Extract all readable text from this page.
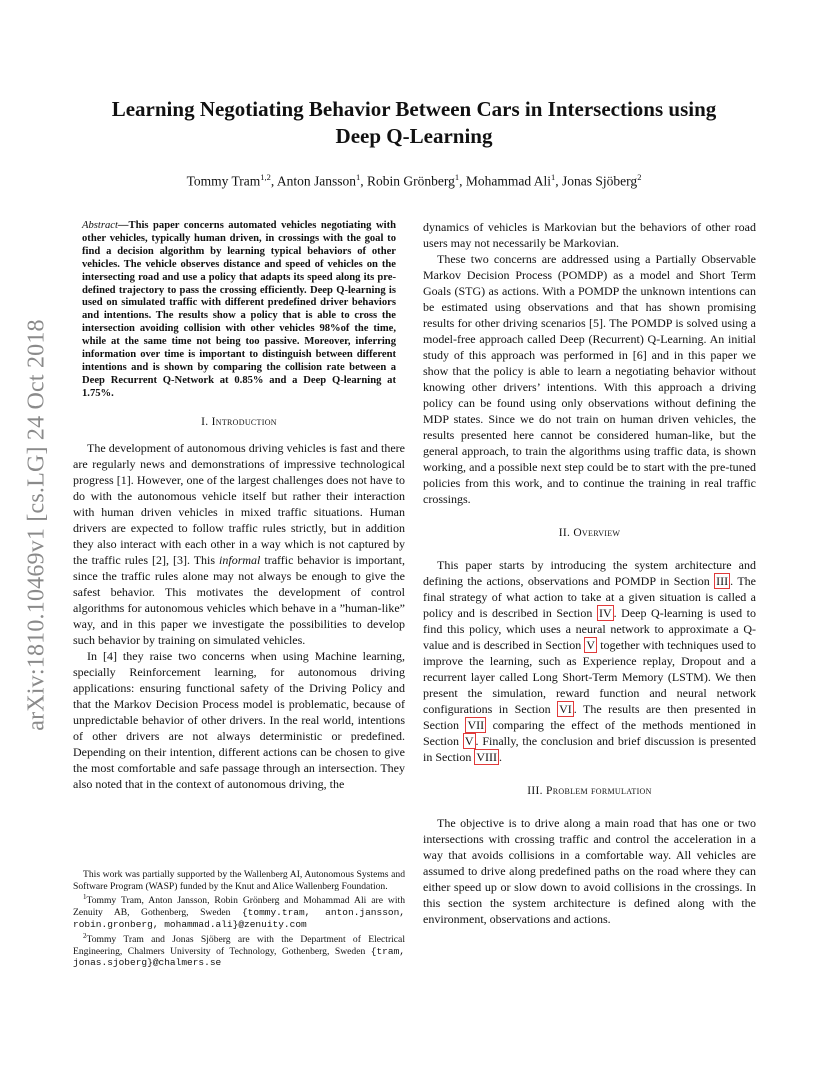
arXiv:1810.10469v1 [cs.LG] 24 Oct 2018
Learning Negotiating Behavior Between Cars in Intersections using
Deep Q-Learning
Tommy Tram$^{1,2}$, Anton Jansson$^1$, Robin Grönberg$^1$, Mohammad Ali$^1$, Jonas Sjöberg$^2$

Abstract—This paper concerns automated vehicles negotiating with other vehicles, typically human driven, in crossings with the goal to find a decision algorithm by learning typical behaviors of other vehicles. The vehicle observes distance and speed of vehicles on the intersecting road and use a policy that adapts its speed along its pre-defined trajectory to pass the crossing efficiently. Deep Q-learning is used on simulated traffic with different predefined driver behaviors and intentions. The results show a policy that is able to cross the intersection avoiding collision with other vehicles 98%of the time, while at the same time not being too passive. Moreover, inferring information over time is important to distinguish between different intentions and is shown by comparing the collision rate between a Deep Recurrent Q-Network at 0.85% and a Deep Q-learning at 1.75%.

I. Introduction

The development of autonomous driving vehicles is fast and there are regularly news and demonstrations of impressive technological progress [1]. However, one of the largest challenges does not have to do with the autonomous vehicle itself but rather their interaction with human driven vehicles in mixed traffic situations. Human drivers are expected to follow traffic rules strictly, but in addition they also interact with each other in a way which is not captured by the traffic rules [2], [3]. This informal traffic behavior is important, since the traffic rules alone may not always be enough to give the safest behavior. This motivates the development of control algorithms for autonomous vehicles which behave in a ”human-like” way, and in this paper we investigate the possibilities to develop such behavior by training on simulated vehicles.

In [4] they raise two concerns when using Machine learning, specially Reinforcement learning, for autonomous driving applications: ensuring functional safety of the Driving Policy and that the Markov Decision Process model is problematic, because of unpredictable behavior of other drivers. In the real world, intentions of other drivers are not always deterministic or predefined. Depending on their intention, different actions can be chosen to give the most comfortable and safe passage through an intersection. They also noted that in the context of autonomous driving, the

dynamics of vehicles is Markovian but the behaviors of other road users may not necessarily be Markovian.

These two concerns are addressed using a Partially Observable Markov Decision Process (POMDP) as a model and Short Term Goals (STG) as actions. With a POMDP the unknown intentions can be estimated using observations and that has shown promising results for other driving scenarios [5]. The POMDP is solved using a model-free approach called Deep (Recurrent) Q-Learning. An initial study of this approach was performed in [6] and in this paper we show that the policy is able to learn a negotiating behavior without knowing other drivers’ intentions. With this approach a driving policy can be found using only observations without defining the MDP states. Since we do not train on human driven vehicles, the results presented here cannot be considered human-like, but the general approach, to train the algorithms using traffic data, is shown working, and a possible next step could be to start with the pre-tuned policies from this work, and to continue the training in real traffic crossings.

II. Overview

This paper starts by introducing the system architecture and defining the actions, observations and POMDP in Section III . The final strategy of what action to take at a given situation is called a policy and is described in Section IV . Deep Q-learning is used to find this policy, which uses a neural network to approximate a Q-value and is described in Section V together with techniques used to improve the learning, such as Experience replay, Dropout and a recurrent layer called Long Short-Term Memory (LSTM). We then present the simulation, reward function and neural network configurations in Section VI . The results are then presented in Section VII comparing the effect of the methods mentioned in Section V . Finally, the conclusion and brief discussion is presented in Section VIII .

III. Problem formulation

The objective is to drive along a main road that has one or two intersections with crossing traffic and control the acceleration in a way that avoids collisions in a comfortable way. All vehicles are assumed to drive along predefined paths on the road where they can either speed up or slow down to avoid collisions in the crossings. In this section the system architecture is defined along with the environment, observations and actions.

This work was partially supported by the Wallenberg AI, Autonomous Systems and Software Program (WASP) funded by the Knut and Alice Wallenberg Foundation.

$^1$Tommy Tram, Anton Jansson, Robin Grönberg and Mohammad Ali are with Zenuity AB, Gothenberg, Sweden {tommy.tram, anton.jansson, robin.gronberg, mohammad.ali}@zenuity.com

$^2$Tommy Tram and Jonas Sjöberg are with the Department of Electrical Engineering, Chalmers University of Technology, Gothenberg, Sweden {tram, jonas.sjoberg}@chalmers.se
